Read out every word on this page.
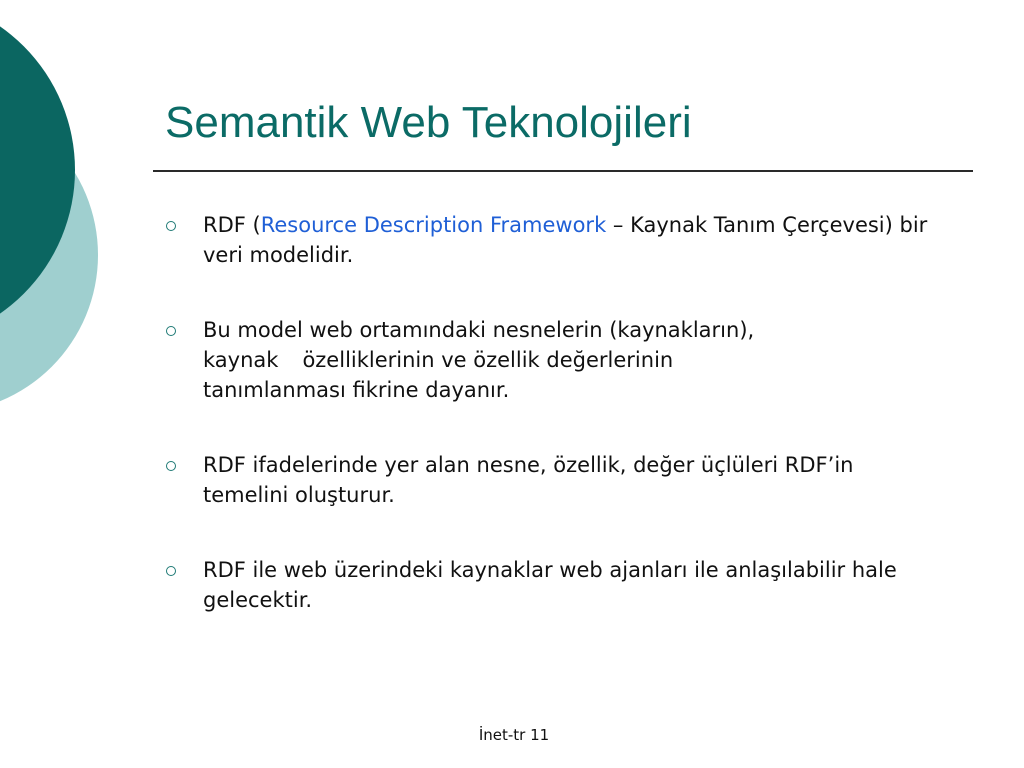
Semantik Web Teknolojileri
RDF (Resource Description Framework – Kaynak Tanım Çerçevesi) bir veri modelidir.
Bu model web ortamındaki nesnelerin (kaynakların),
kaynak özelliklerinin ve özellik değerlerinin
tanımlanması fikrine dayanır.
RDF ifadelerinde yer alan nesne, özellik, değer üçlüleri RDF’in temelini oluşturur.
RDF ile web üzerindeki kaynaklar web ajanları ile anlaşılabilir hale gelecektir.
İnet-tr 11
